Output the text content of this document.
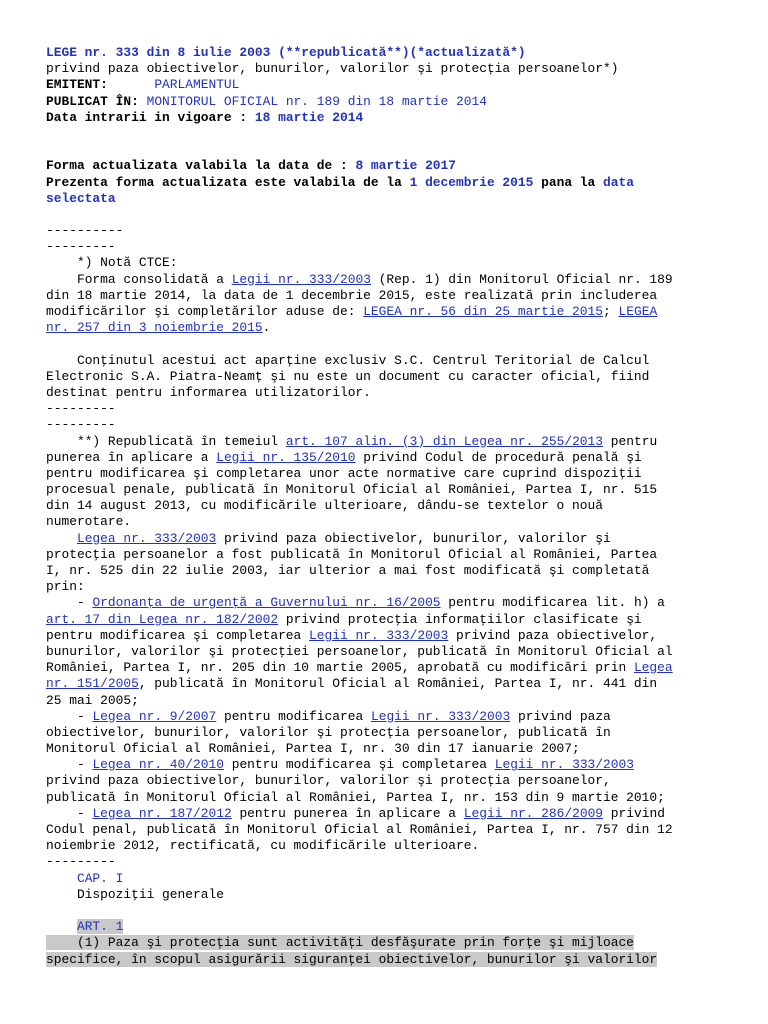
LEGE nr. 333 din 8 iulie 2003 (**republicată**)(*actualizată*)
privind paza obiectivelor, bunurilor, valorilor şi protecţia persoanelor*)
EMITENT:	PARLAMENTUL
PUBLICAT ÎN: MONITORUL OFICIAL nr. 189 din 18 martie 2014
Data intrarii in vigoare : 18 martie 2014
Forma actualizata valabila la data de : 8 martie 2017
Prezenta forma actualizata este valabila de la 1 decembrie 2015 pana la data
selectata
----------
---------
*) Notă CTCE:
Forma consolidată a Legii nr. 333/2003 (Rep. 1) din Monitorul Oficial nr. 189
din 18 martie 2014, la data de 1 decembrie 2015, este realizată prin includerea
modificărilor şi completărilor aduse de: LEGEA nr. 56 din 25 martie 2015; LEGEA
nr. 257 din 3 noiembrie 2015.
Conţinutul acestui act aparţine exclusiv S.C. Centrul Teritorial de Calcul
Electronic S.A. Piatra-Neamţ şi nu este un document cu caracter oficial, fiind
destinat pentru informarea utilizatorilor.
---------
---------
**) Republicată în temeiul art. 107 alin. (3) din Legea nr. 255/2013 pentru
punerea în aplicare a Legii nr. 135/2010 privind Codul de procedură penală şi
pentru modificarea şi completarea unor acte normative care cuprind dispoziţii
procesual penale, publicată în Monitorul Oficial al României, Partea I, nr. 515
din 14 august 2013, cu modificările ulterioare, dându-se textelor o nouă
numerotare.
Legea nr. 333/2003 privind paza obiectivelor, bunurilor, valorilor şi
protecţia persoanelor a fost publicată în Monitorul Oficial al României, Partea
I, nr. 525 din 22 iulie 2003, iar ulterior a mai fost modificată şi completată
prin:
- Ordonanţa de urgenţă a Guvernului nr. 16/2005 pentru modificarea lit. h) a
art. 17 din Legea nr. 182/2002 privind protecţia informaţiilor clasificate şi
pentru modificarea şi completarea Legii nr. 333/2003 privind paza obiectivelor,
bunurilor, valorilor şi protecţiei persoanelor, publicată în Monitorul Oficial al
României, Partea I, nr. 205 din 10 martie 2005, aprobată cu modificări prin Legea
nr. 151/2005, publicată în Monitorul Oficial al României, Partea I, nr. 441 din
25 mai 2005;
- Legea nr. 9/2007 pentru modificarea Legii nr. 333/2003 privind paza
obiectivelor, bunurilor, valorilor şi protecţia persoanelor, publicată în
Monitorul Oficial al României, Partea I, nr. 30 din 17 ianuarie 2007;
- Legea nr. 40/2010 pentru modificarea şi completarea Legii nr. 333/2003
privind paza obiectivelor, bunurilor, valorilor şi protecţia persoanelor,
publicată în Monitorul Oficial al României, Partea I, nr. 153 din 9 martie 2010;
- Legea nr. 187/2012 pentru punerea în aplicare a Legii nr. 286/2009 privind
Codul penal, publicată în Monitorul Oficial al României, Partea I, nr. 757 din 12
noiembrie 2012, rectificată, cu modificările ulterioare.
---------
CAP. I
Dispoziţii generale
ART. 1
(1) Paza şi protecţia sunt activităţi desfăşurate prin forţe şi mijloace
specifice, în scopul asigurării siguranţei obiectivelor, bunurilor şi valorilor
